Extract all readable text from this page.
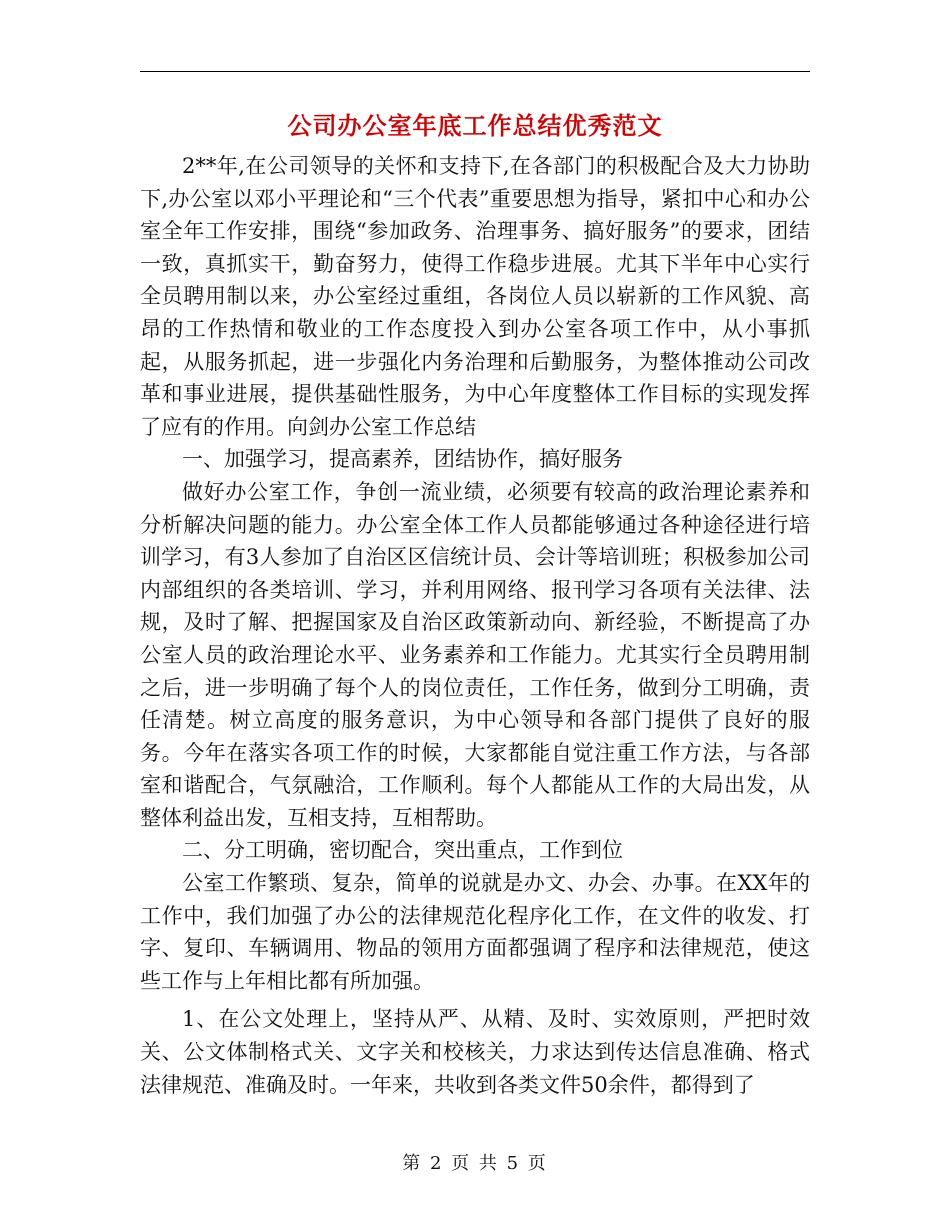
公司办公室年底工作总结优秀范文

2**年,在公司领导的关怀和支持下,在各部门的积极配合及大力协助下,办公室以邓小平理论和“三个代表”重要思想为指导，紧扣中心和办公室全年工作安排，围绕“参加政务、治理事务、搞好服务”的要求，团结一致，真抓实干，勤奋努力，使得工作稳步进展。尤其下半年中心实行全员聘用制以来，办公室经过重组，各岗位人员以崭新的工作风貌、高昂的工作热情和敬业的工作态度投入到办公室各项工作中，从小事抓起，从服务抓起，进一步强化内务治理和后勤服务，为整体推动公司改革和事业进展，提供基础性服务，为中心年度整体工作目标的实现发挥了应有的作用。向剑办公室工作总结

一、加强学习，提高素养，团结协作，搞好服务

做好办公室工作，争创一流业绩，必须要有较高的政治理论素养和分析解决问题的能力。办公室全体工作人员都能够通过各种途径进行培训学习，有3人参加了自治区区信统计员、会计等培训班；积极参加公司内部组织的各类培训、学习，并利用网络、报刊学习各项有关法律、法规，及时了解、把握国家及自治区政策新动向、新经验，不断提高了办公室人员的政治理论水平、业务素养和工作能力。尤其实行全员聘用制之后，进一步明确了每个人的岗位责任，工作任务，做到分工明确，责任清楚。树立高度的服务意识，为中心领导和各部门提供了良好的服务。今年在落实各项工作的时候，大家都能自觉注重工作方法，与各部室和谐配合，气氛融洽，工作顺利。每个人都能从工作的大局出发，从整体利益出发，互相支持，互相帮助。

二、分工明确，密切配合，突出重点，工作到位

公室工作繁琐、复杂，简单的说就是办文、办会、办事。在XX年的工作中，我们加强了办公的法律规范化程序化工作，在文件的收发、打字、复印、车辆调用、物品的领用方面都强调了程序和法律规范，使这些工作与上年相比都有所加强。

1、在公文处理上，坚持从严、从精、及时、实效原则，严把时效关、公文体制格式关、文字关和校核关，力求达到传达信息准确、格式法律规范、准确及时。一年来，共收到各类文件50余件，都得到了

第 2 页 共 5 页
